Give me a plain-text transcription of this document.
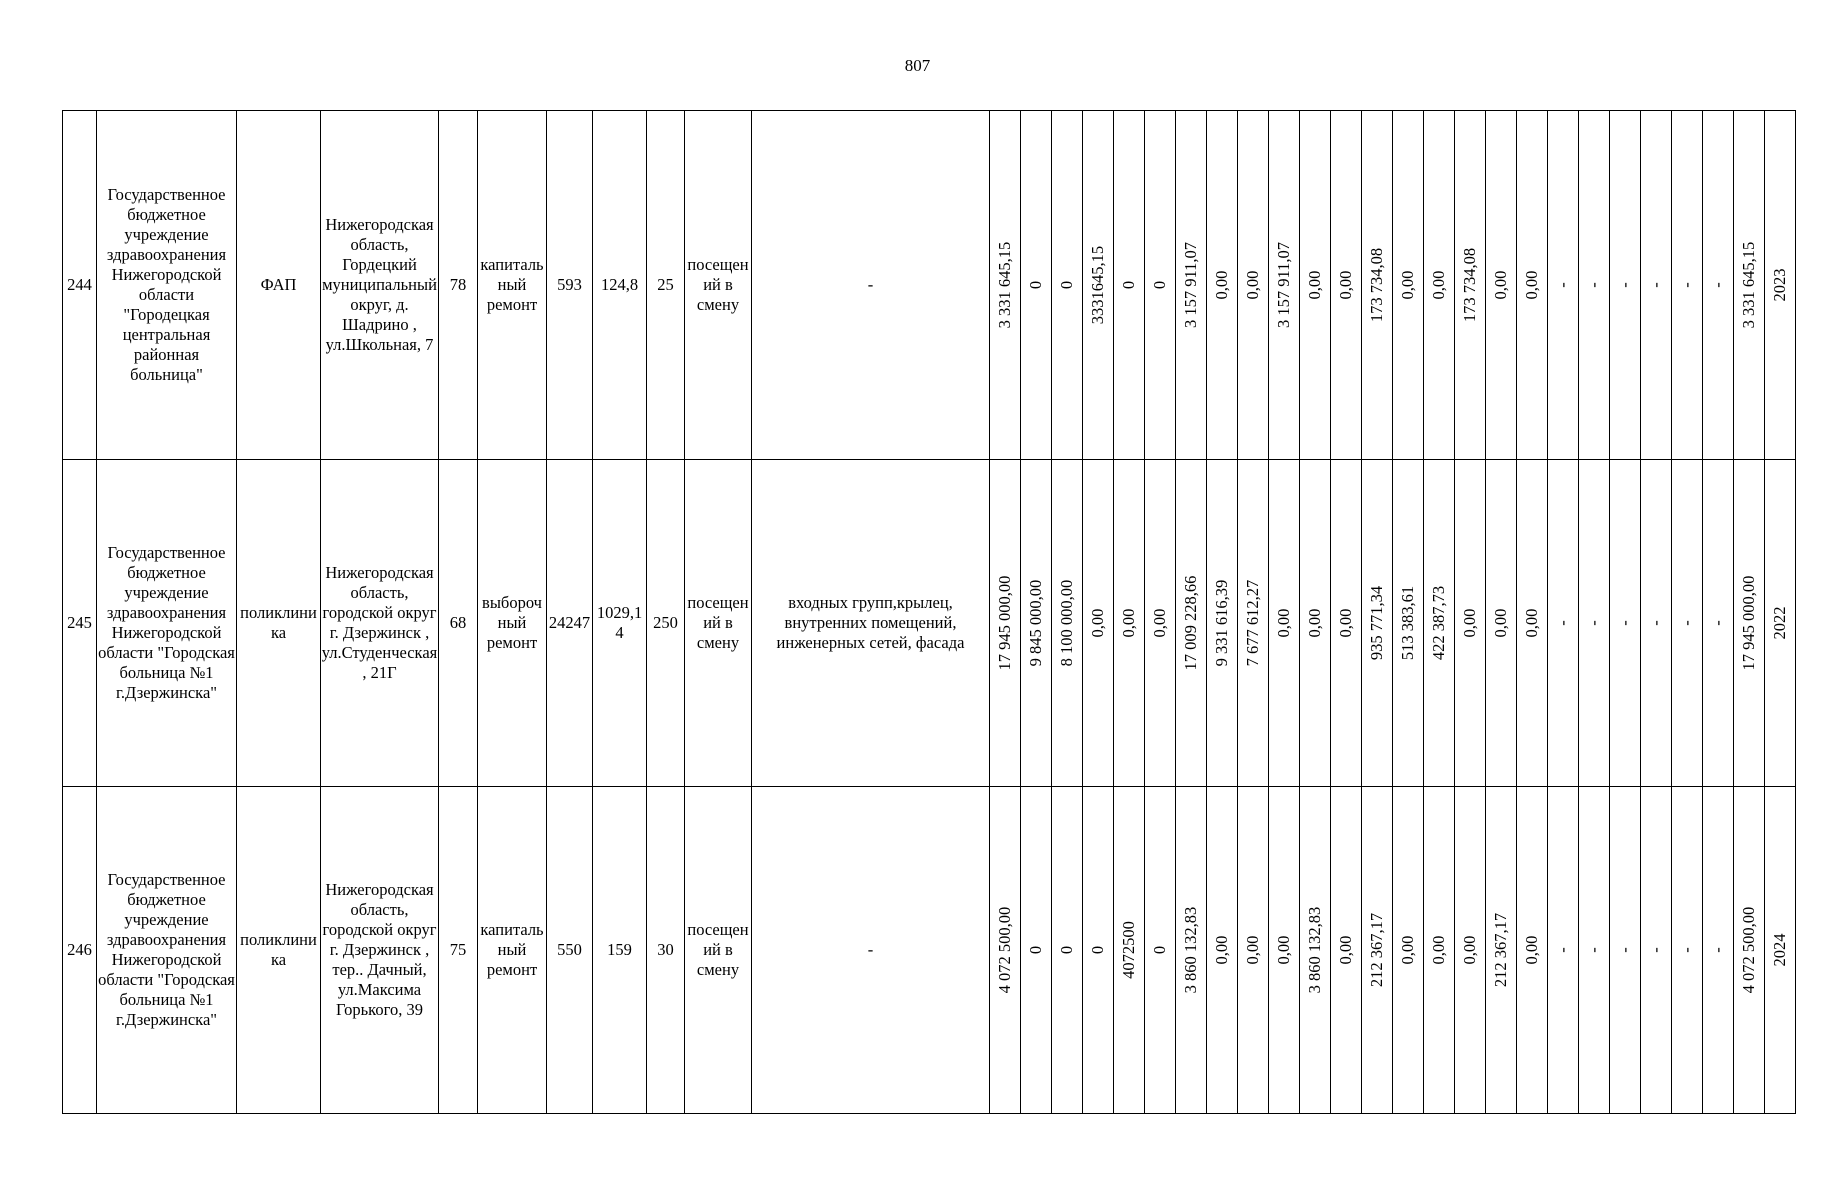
807
244	Государственное бюджетное учреждение здравоохранения Нижегородской области "Городецкая центральная районная больница"	ФАП	Нижегородская область, Гордецкий муниципальный округ, д. Шадрино , ул.Школьная, 7	78	капитальный ремонт	593	124,8	25	посещений в смену	-	3 331 645,15	0	0	3331645,15	0	0	3 157 911,07	0,00	0,00	3 157 911,07	0,00	0,00	173 734,08	0,00	0,00	173 734,08	0,00	0,00	-	-	-	-	-	-	3 331 645,15	2023

245	Государственное бюджетное учреждение здравоохранения Нижегородской области "Городская больница №1 г.Дзержинска"	поликлиника	Нижегородская область, городской округ г. Дзержинск , ул.Студенческая, 21Г	68	выборочный ремонт	24247	1029,14	250	посещений в смену	входных групп,крылец, внутренних помещений, инженерных сетей, фасада	17 945 000,00	9 845 000,00	8 100 000,00	0,00	0,00	0,00	17 009 228,66	9 331 616,39	7 677 612,27	0,00	0,00	0,00	935 771,34	513 383,61	422 387,73	0,00	0,00	0,00	-	-	-	-	-	-	17 945 000,00	2022

246	Государственное бюджетное учреждение здравоохранения Нижегородской области "Городская больница №1 г.Дзержинска"	поликлиника	Нижегородская область, городской округ г. Дзержинск , тер.. Дачный, ул.Максима Горького, 39	75	капитальный ремонт	550	159	30	посещений в смену	-	4 072 500,00	0	0	0	4072500	0	3 860 132,83	0,00	0,00	0,00	3 860 132,83	0,00	212 367,17	0,00	0,00	0,00	212 367,17	0,00	-	-	-	-	-	-	4 072 500,00	2024
